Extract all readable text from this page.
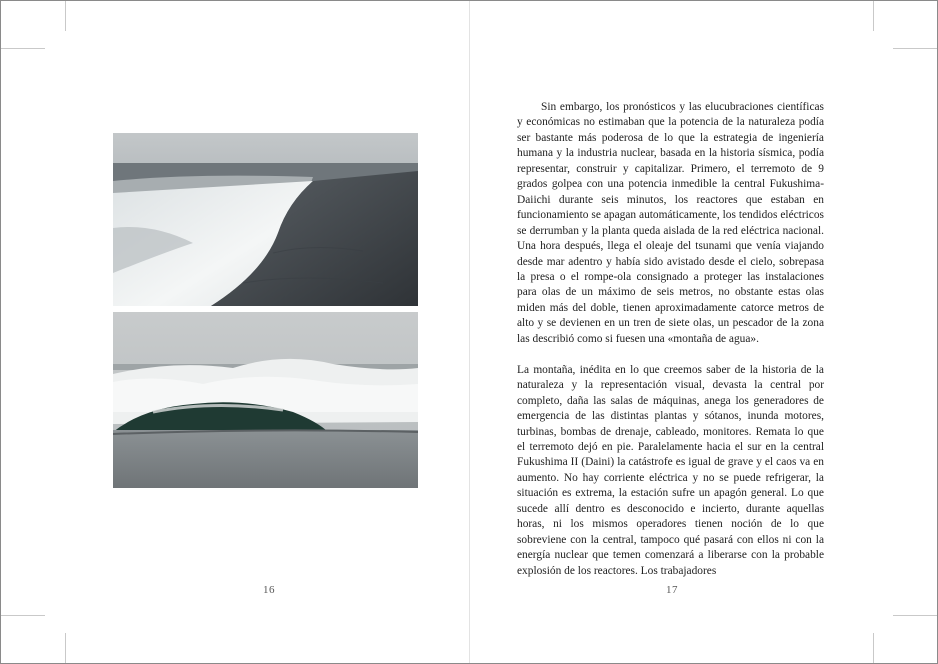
16

Sin embargo, los pronósticos y las elucubraciones científicas y económicas no estimaban que la potencia de la naturaleza podía ser bastante más poderosa de lo que la estrategia de ingeniería humana y la industria nuclear, basada en la historia sísmica, podía representar, construir y capitalizar. Primero, el terremoto de 9 grados golpea con una potencia inmedible la central Fukushima-Daiichi durante seis minutos, los reactores que estaban en funcionamiento se apagan automáticamente, los tendidos eléctricos se derrumban y la planta queda aislada de la red eléctrica nacional. Una hora después, llega el oleaje del tsunami que venía viajando desde mar adentro y había sido avistado desde el cielo, sobrepasa la presa o el rompe-ola consignado a proteger las instalaciones para olas de un máximo de seis metros, no obstante estas olas miden más del doble, tienen aproximadamente catorce metros de alto y se devienen en un tren de siete olas, un pescador de la zona las describió como si fuesen una «montaña de agua».

La montaña, inédita en lo que creemos saber de la historia de la naturaleza y la representación visual, devasta la central por completo, daña las salas de máquinas, anega los generadores de emergencia de las distintas plantas y sótanos, inunda motores, turbinas, bombas de drenaje, cableado, monitores. Remata lo que el terremoto dejó en pie. Paralelamente hacia el sur en la central Fukushima II (Daini) la catástrofe es igual de grave y el caos va en aumento. No hay corriente eléctrica y no se puede refrigerar, la situación es extrema, la estación sufre un apagón general. Lo que sucede allí dentro es desconocido e incierto, durante aquellas horas, ni los mismos operadores tienen noción de lo que sobreviene con la central, tampoco qué pasará con ellos ni con la energía nuclear que temen comenzará a liberarse con la probable explosión de los reactores. Los trabajadores

17
